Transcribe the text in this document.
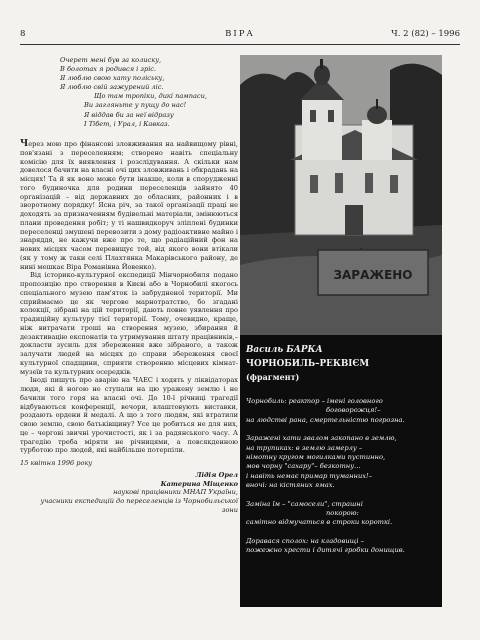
8	ВІРА	Ч. 2 (82) – 1996
Очерет мені був за колиску,
В болотах я родився і зріс.
Я люблю свою хату поліську,
Я люблю свій зажурений ліс.
Що там тропіки, дикі пампаси,
Ви загляньте у пущу до нас!
Я віддав би за неї відразу
І Тібет, і Урал, і Кавказ.

Через мою про фінансові зловживання на найвищому рівні, пов'язані з переселенням; створено навіть спеціальну комісію для їх виявлення і розслідування. А скільки нам довелося бачити на власні очі цих зловживань і обкрадань на місцях! Та й як воно може бути інакше, коли в спорудженні того будиночка для родини переселенців зайнято 40 організацій – від державних до обласних, районних і в зворотному порядку! Ясна річ, за такої організації праці не доходять за призначенням будівельні матеріали, змінюються плани проведення робіт; у ті нашвидкоруч зліплені будинки переселенці змушені перевозити з дому радіоактивне майно і знаряддя, не кажучи вже про те, що радіаційний фон на нових місцях часом перевищує той, від якого вони втікали (як у тому ж таки селі Плахтянка Макарівського району, де нині мешкає Віра Романівна Йовенко).

Від історико-культурної експедиції Мінчорнобиля подано пропозицію про створення в Києві або в Чорнобилі якогось спеціального музею пам'яток із забрудненої території. Ми сприймаємо це як чергове марнотратство, бо згадані колекції, зібрані на цій території, дають повне уявлення про традиційну культуру тієї території. Тому, очевидно, краще, ніж витрачати гроші на створення музею, збирання й дезактивацію експонатів та утримування штату працівників,– докласти зусиль для збереження вже зібраного, а також залучати людей на місцях до справи збереження своєї культурної спадщини, сприяти створенню місцевих кімнат-музеїв та культурних осередків.

Іноді пишуть про аварію на ЧАЕС і ходять у ліквідаторах люди, які й ногою не ступали на цю уражену землю і не бачили того горя на власні очі. До 10-ї річниці трагедії відбуваються конференції, вечори, влаштовують виставки, роздають ордени й медалі. А що з того людям, які втратили свою землю, свою батьківщину? Усе це робиться не для них, це – чергові звичні урочистості, як і за радянського часу. А трагедію треба міряти не річницями, а повсякденною турботою про людей, які найбільше потерпіли.

15 квітня 1996 року

Лідія Орел
Катерина Міщенко
наукові працівники МНАП України,
учасники експедицій до переселенців із Чорнобильської
зони
ЗАРАЖЕНО
Василь БАРКА
ЧОРНОБИЛЬ–РЕКВІЄМ
(фрагмент)
Чорнобиль: реактор – імені головного
боговорожця!–
на людстві рана, смертельністю погрозна.
Заражені хати звалом закопано в землю,
на трупиках: в землю замерлу –
німотну кругом могилками пустинно,
мов чорну "сахару"– безкотну...
і навіть немає примар туманних!–
вночі: на кістяних ямах.
Заміна їм – "самосели", страшні
покорою:
самітно відмучаться в строки короткі.
Доравася сполох: на кладовищі –
пожежно хрести і дитячі гробки донищив.
